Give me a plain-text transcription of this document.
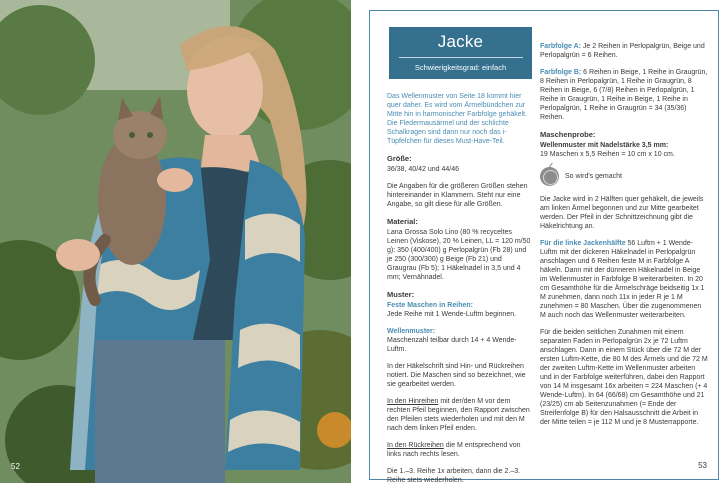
52
Jacke
Schwierigkeitsgrad: einfach

Das Wellenmuster von Seite 18 kommt hier quer daher. Es wird vom Ärmelbündchen zur Mitte hin in harmonischer Farbfolge gehäkelt. Die Fledermausärmel und der schlichte Schalkragen sind dann nur noch das i-Tüpfelchen für dieses Must-Have-Teil.

Größe:

36/38, 40/42 und 44/46

Die Angaben für die größeren Größen stehen hintereinander in Klammern. Steht nur eine Angabe, so gilt diese für alle Größen.

Material:

Lana Grossa Solo Lino (80 % recyceltes Leinen (Viskose), 20 % Leinen, LL = 120 m/50 g): 350 (400/400) g Perlopalgrün (Fb 28) und je 250 (300/300) g Beige (Fb 21) und Graugrau (Fb 5); 1 Häkelnadel in 3,5 und 4 mm; Vernähnadel.

Muster:

Feste Maschen in Reihen:
Jede Reihe mit 1 Wende-Luftm beginnen.

Wellenmuster:
Maschenzahl teilbar durch 14 + 4 Wende-Luftm.

In der Häkelschrift sind Hin- und Rückreihen notiert. Die Maschen sind so bezeichnet, wie sie gearbeitet werden.

In den Hinreihen mit der/den M vor dem rechten Pfeil beginnen, den Rapport zwischen den Pfeilen stets wiederholen und mit den M nach dem linken Pfeil enden.

In den Rückreihen die M entsprechend von links nach rechts lesen.

Die 1.–3. Reihe 1x arbeiten, dann die 2.–3. Reihe stets wiederholen.

Farbfolge A: Je 2 Reihen in Perlopalgrün, Beige und Perlopalgrün = 6 Reihen.

Farbfolge B: 6 Reihen in Beige, 1 Reihe in Graugrün, 8 Reihen in Perlopalgrün, 1 Reihe in Graugrün, 8 Reihen in Beige, 6 (7/8) Reihen in Perlopalgrün, 1 Reihe in Graugrün, 1 Reihe in Beige, 1 Reihe in Perlopalgrün, 1 Reihe in Graugrün = 34 (35/36) Reihen.

Maschenprobe:

Wellenmuster mit Nadelstärke 3,5 mm:
19 Maschen x 5,5 Reihen = 10 cm x 10 cm.

So wird's gemacht

Die Jacke wird in 2 Hälften quer gehäkelt, die jeweils am linken Ärmel begonnen und zur Mitte gearbeitet werden. Der Pfeil in der Schnittzeichnung gibt die Häkelrichtung an.

Für die linke Jackenhälfte 56 Luftm + 1 Wende-Luftm mit der dickeren Häkelnadel in Perlopalgrün anschlagen und 6 Reihen feste M in Farbfolge A häkeln. Dann mit der dünneren Häkelnadel in Beige im Wellenmuster in Farbfolge B weiterarbeiten. In 20 cm Gesamthöhe für die Ärmelschräge beidseitig 1x 1 M zunehmen, dann noch 11x in jeder R je 1 M zunehmen = 80 Maschen. Über die zugenommenen M auch noch das Wellenmuster weiterarbeiten.

Für die beiden seitlichen Zunahmen mit einem separaten Faden in Perlopalgrün 2x je 72 Luftm anschlagen. Dann in einem Stück über die 72 M der ersten Luftm-Kette, die 80 M des Ärmels und die 72 M der zweiten Luftm-Kette im Wellenmuster arbeiten und in der Farbfolge weiterführen, dabei den Rapport von 14 M insgesamt 16x arbeiten = 224 Maschen (+ 4 Wende-Luftm). In 64 (66/68) cm Gesamthöhe und 21 (23/25) cm ab Seitenzunahmen (= Ende der Streifenfolge B) für den Halsausschnitt die Arbeit in der Mitte teilen = je 112 M und je 8 Musterrapporte.

53
